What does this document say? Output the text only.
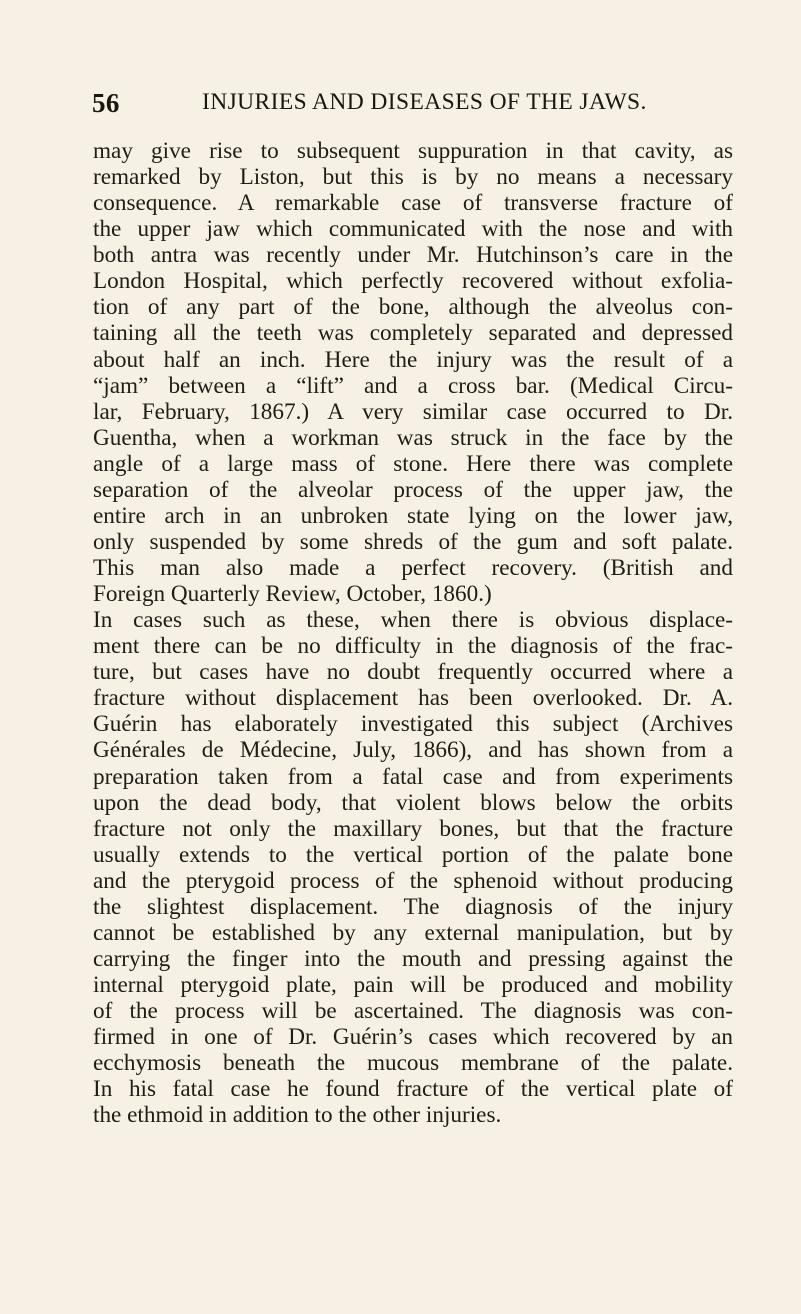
56	INJURIES AND DISEASES OF THE JAWS.
may give rise to subsequent suppuration in that cavity, as
remarked by Liston, but this is by no means a necessary
consequence. A remarkable case of transverse fracture of
the upper jaw which communicated with the nose and with
both antra was recently under Mr. Hutchinson’s care in the
London Hospital, which perfectly recovered without exfolia-
tion of any part of the bone, although the alveolus con-
taining all the teeth was completely separated and depressed
about half an inch. Here the injury was the result of a
“jam” between a “lift” and a cross bar. (Medical Circu-
lar, February, 1867.) A very similar case occurred to Dr.
Guentha, when a workman was struck in the face by the
angle of a large mass of stone. Here there was complete
separation of the alveolar process of the upper jaw, the
entire arch in an unbroken state lying on the lower jaw,
only suspended by some shreds of the gum and soft palate.
This man also made a perfect recovery. (British and
Foreign Quarterly Review, October, 1860.)
In cases such as these, when there is obvious displace-
ment there can be no difficulty in the diagnosis of the frac-
ture, but cases have no doubt frequently occurred where a
fracture without displacement has been overlooked. Dr. A.
Guérin has elaborately investigated this subject (Archives
Générales de Médecine, July, 1866), and has shown from a
preparation taken from a fatal case and from experiments
upon the dead body, that violent blows below the orbits
fracture not only the maxillary bones, but that the fracture
usually extends to the vertical portion of the palate bone
and the pterygoid process of the sphenoid without producing
the slightest displacement. The diagnosis of the injury
cannot be established by any external manipulation, but by
carrying the finger into the mouth and pressing against the
internal pterygoid plate, pain will be produced and mobility
of the process will be ascertained. The diagnosis was con-
firmed in one of Dr. Guérin’s cases which recovered by an
ecchymosis beneath the mucous membrane of the palate.
In his fatal case he found fracture of the vertical plate of
the ethmoid in addition to the other injuries.
